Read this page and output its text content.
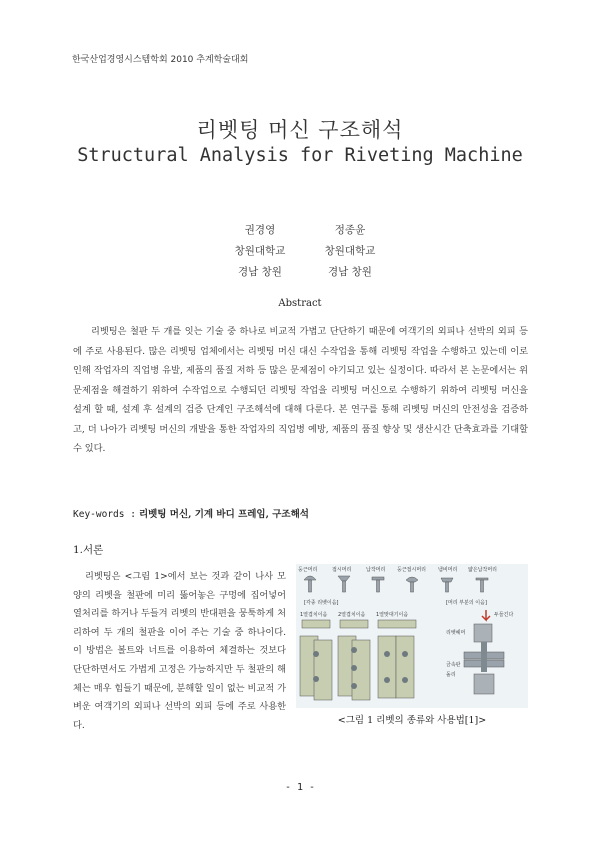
한국산업경영시스템학회 2010 추계학술대회
리벳팅 머신 구조해석
Structural Analysis for Riveting Machine
권경영
창원대학교
경남 창원
정종윤
창원대학교
경남 창원
Abstract

리벳팅은 철판 두 개를 잇는 기술 중 하나로 비교적 가볍고 단단하기 때문에 여객기의 외피나 선박의 외피 등에 주로 사용된다. 많은 리벳팅 업체에서는 리벳팅 머신 대신 수작업을 통해 리벳팅 작업을 수행하고 있는데 이로 인해 작업자의 직업병 유발, 제품의 품질 저하 등 많은 문제점이 야기되고 있는 실정이다. 따라서 본 논문에서는 위 문제점을 해결하기 위하여 수작업으로 수행되던 리벳팅 작업을 리벳팅 머신으로 수행하기 위하여 리벳팅 머신을 설계 할 때, 설계 후 설계의 검증 단계인 구조해석에 대해 다룬다. 본 연구를 통해 리벳팅 머신의 안전성을 검증하고, 더 나아가 리벳팅 머신의 개발을 통한 작업자의 직업병 예방, 제품의 품질 향상 및 생산시간 단축효과를 기대할 수 있다.

Key-words : 리벳팅 머신, 기계 바디 프레임, 구조해석
1.서론

리벳팅은 <그림 1>에서 보는 것과 같이 나사 모양의 리벳을 철판에 미리 뚫어놓은 구멍에 집어넣어 열처리를 하거나 두들겨 리벳의 반대편을 뭉툭하게 처리하여 두 개의 철판을 이어 주는 기술 중 하나이다. 이 방법은 볼트와 너트를 이용하여 체결하는 것보다 단단하면서도 가볍게 고정은 가능하지만 두 철판의 해체는 매우 힘들기 때문에, 분해할 일이 없는 비교적 가벼운 여객기의 외피나 선박의 외피 등에 주로 사용한다.

둥근머리	접시머리	납작머리 둥근접시머리 냄비머리 얇은납작머리
[각종 리벳이음]	[머리 부분의 이음]
1열겹치이음 2열겹치이음 1열맞대기이음	두들긴다
리벳헤머
금속판
돌리
<그림 1 리벳의 종류와 사용법[1]>
- 1 -
